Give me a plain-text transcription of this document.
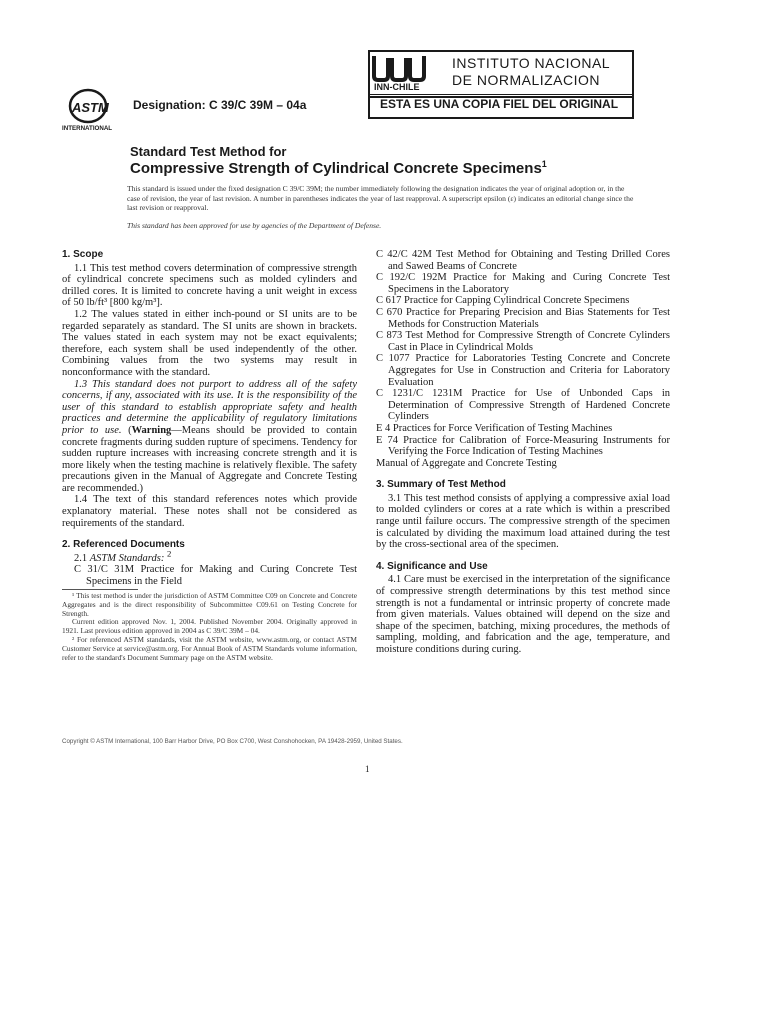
INN-CHILE
INSTITUTO NACIONAL
DE NORMALIZACION
ESTA ES UNA COPIA FIEL DEL ORIGINAL
ASTM
INTERNATIONAL
Designation: C 39/C 39M – 04a
Standard Test Method for
Compressive Strength of Cylindrical Concrete Specimens$^1$
This standard is issued under the fixed designation C 39/C 39M; the number immediately following the designation indicates the year of original adoption or, in the case of revision, the year of last revision. A number in parentheses indicates the year of last reapproval. A superscript epsilon (ε) indicates an editorial change since the last revision or reapproval.
This standard has been approved for use by agencies of the Department of Defense.
1. Scope

1.1 This test method covers determination of compressive strength of cylindrical concrete specimens such as molded cylinders and drilled cores. It is limited to concrete having a unit weight in excess of 50 lb/ft³ [800 kg/m³].

1.2 The values stated in either inch-pound or SI units are to be regarded separately as standard. The SI units are shown in brackets. The values stated in each system may not be exact equivalents; therefore, each system shall be used independently of the other. Combining values from the two systems may result in nonconformance with the standard.

1.3 This standard does not purport to address all of the safety concerns, if any, associated with its use. It is the responsibility of the user of this standard to establish appropriate safety and health practices and determine the applicability of regulatory limitations prior to use. (Warning—Means should be provided to contain concrete fragments during sudden rupture of specimens. Tendency for sudden rupture increases with increasing concrete strength and it is more likely when the testing machine is relatively flexible. The safety precautions given in the Manual of Aggregate and Concrete Testing are recommended.)

1.4 The text of this standard references notes which provide explanatory material. These notes shall not be considered as requirements of the standard.

2. Referenced Documents

2.1 ASTM Standards: $^2$

C 31/C 31M Practice for Making and Curing Concrete Test Specimens in the Field

¹ This test method is under the jurisdiction of ASTM Committee C09 on Concrete and Concrete Aggregates and is the direct responsibility of Subcommittee C09.61 on Testing Concrete for Strength.

Current edition approved Nov. 1, 2004. Published November 2004. Originally approved in 1921. Last previous edition approved in 2004 as C 39/C 39M – 04.

² For referenced ASTM standards, visit the ASTM website, www.astm.org, or contact ASTM Customer Service at service@astm.org. For Annual Book of ASTM Standards volume information, refer to the standard's Document Summary page on the ASTM website.

C 42/C 42M Test Method for Obtaining and Testing Drilled Cores and Sawed Beams of Concrete

C 192/C 192M Practice for Making and Curing Concrete Test Specimens in the Laboratory

C 617 Practice for Capping Cylindrical Concrete Specimens

C 670 Practice for Preparing Precision and Bias Statements for Test Methods for Construction Materials

C 873 Test Method for Compressive Strength of Concrete Cylinders Cast in Place in Cylindrical Molds

C 1077 Practice for Laboratories Testing Concrete and Concrete Aggregates for Use in Construction and Criteria for Laboratory Evaluation

C 1231/C 1231M Practice for Use of Unbonded Caps in Determination of Compressive Strength of Hardened Concrete Cylinders

E 4 Practices for Force Verification of Testing Machines

E 74 Practice for Calibration of Force-Measuring Instruments for Verifying the Force Indication of Testing Machines

Manual of Aggregate and Concrete Testing

3. Summary of Test Method

3.1 This test method consists of applying a compressive axial load to molded cylinders or cores at a rate which is within a prescribed range until failure occurs. The compressive strength of the specimen is calculated by dividing the maximum load attained during the test by the cross-sectional area of the specimen.

4. Significance and Use

4.1 Care must be exercised in the interpretation of the significance of compressive strength determinations by this test method since strength is not a fundamental or intrinsic property of concrete made from given materials. Values obtained will depend on the size and shape of the specimen, batching, mixing procedures, the methods of sampling, molding, and fabrication and the age, temperature, and moisture conditions during curing.

Copyright © ASTM International, 100 Barr Harbor Drive, PO Box C700, West Conshohocken, PA 19428-2959, United States.
1
